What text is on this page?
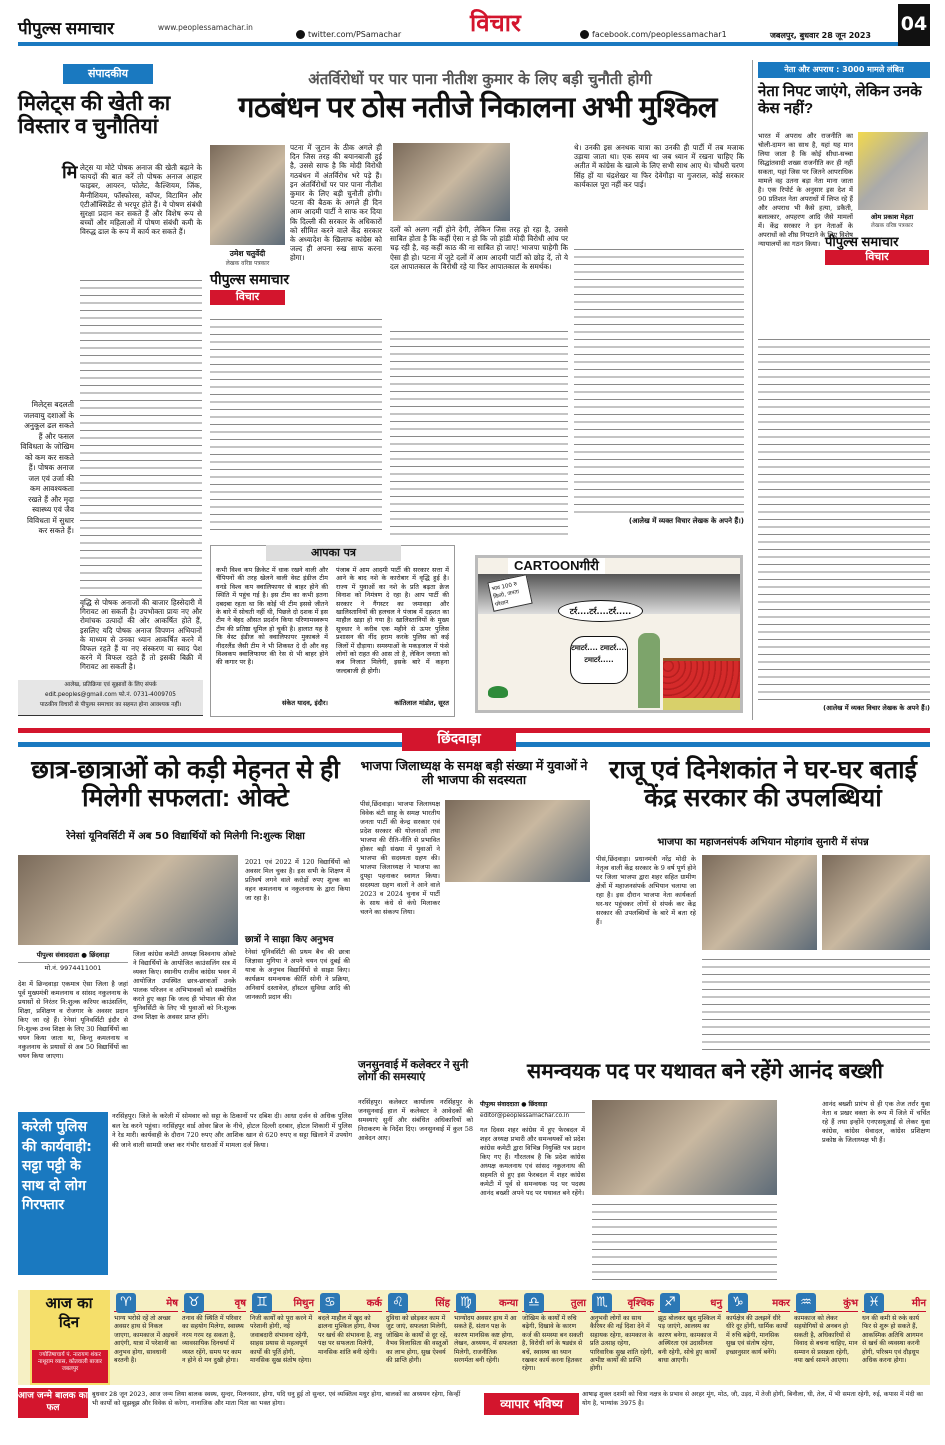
पीपुल्स समाचार	www.peoplessamachar.in
twitter.com/PSamachar	विचार	facebook.com/peoplessamachar1	जबलपुर, बुधवार 28 जून 2023
04
संपादकीय
मिलेट्स की खेती का विस्तार व चुनौतियां
मि लेट्स या मोटे पोषक अनाज की खेती बढ़ाने के फायदों की बात करें तो पोषक अनाज आहार फाइबर, आयरन, फोलेट, कैल्शियम, जिंक, मैग्नीशियम, फॉस्फोरस, कॉपर, विटामिन और एंटीऑक्सिडेंट से भरपूर होते हैं। ये पोषण संबंधी सुरक्षा प्रदान कर सकते हैं और विशेष रूप से बच्चों और महिलाओं में पोषण संबंधी कमी के विरुद्ध ढाल के रूप में कार्य कर सकते हैं।
मिलेट्स बदलती जलवायु दशाओं के अनुकूल ढल सकते हैं और फसल विविधता के जोखिम को कम कर सकते हैं। पोषक अनाज जल एवं उर्जा की कम आवश्यकता रखते हैं और मृदा स्वास्थ्य एवं जैव विविधता में सुधार कर सकते हैं।
वृद्धि से पोषक अनाजों की बाजार हिस्सेदारी में गिरावट आ सकती है। उपभोक्ता प्रायः नए और रोमांचक उत्पादों की ओर आकर्षित होते हैं, इसलिए यदि पोषक अनाज विपणन अभियानों के माध्यम से उनका ध्यान आकर्षित करने में विफल रहते हैं या नए संस्करण या स्वाद पेश करने में विफल रहते हैं तो इसकी बिक्री में गिरावट आ सकती है।
आलेख, प्रतिक्रिया एवं सुझावों के लिए संपर्क
edit.peoples@gmail.com फो.नं. 0731-4009705
पाठकीय विचारों से पीपुल्स समाचार का सहमत होना आवश्यक नहीं।
अंतर्विरोधों पर पार पाना नीतीश कुमार के लिए बड़ी चुनौती होगी
गठबंधन पर ठोस नतीजे निकालना अभी मुश्किल
उमेश चतुर्वेदी
लेखक वरिष्ठ पत्रकार
पीपुल्स समाचार
विचार
पटना में जुटान के ठीक अगले ही दिन जिस तरह की बयानबाजी हुई है, उससे साफ है कि मोदी विरोधी गठबंधन में अंतर्विरोध भरे पड़े हैं। इन अंतर्विरोधों पर पार पाना नीतीश कुमार के लिए बड़ी चुनौती होगी। पटना की बैठक के अगले ही दिन आम आदमी पार्टी ने साफ कर दिया कि दिल्ली की सरकार के अधिकारों को सीमित करने वाले केंद्र सरकार के अध्यादेश के खिलाफ कांग्रेस को जल्द ही अपना रुख साफ करना होगा।
दलों को अलग नहीं होने देगी, लेकिन जिस तरह हो रहा है, उससे साबित होता है कि कहीं ऐसा न हो कि जो हांडी मोदी विरोधी आंच पर चढ़ रही है, वह कहीं काठ की ना साबित हो जाए! भाजपा चाहेगी कि ऐसा ही हो। पटना में जुटे दलों में आम आदमी पार्टी को छोड़ दें, तो ये दल आपातकाल के विरोधी रहे या फिर आपातकाल के समर्थक।
थे। उनकी इस अनथक यात्रा का उनकी ही पार्टी में तब मजाक उड़ाया जाता था। एक समय था जब ध्यान में रखना चाहिए कि अतीत में कांग्रेस के खात्मे के लिए सभी साथ आए थे। चौधरी चरण सिंह हों या चंद्रशेखर या फिर देवेगौड़ा या गुजराल, कोई सरकार कार्यकाल पूरा नहीं कर पाई।
(आलेख में व्यक्त विचार लेखक के अपने हैं।)
आपका पत्र
कभी विश्व कप क्रिकेट में धाक रखने वाली और चैंपियनों की तरह खेलने वाली वेस्ट इंडीज टीम वनडे विश्व कप क्वालिफायर से बाहर होने की स्थिति में पहुंच गई है। इस टीम का कभी इतना दबदबा रहता था कि कोई भी टीम इससे जीतने के बारे में सोचती नहीं थी, पिछले दो दशक में इस टीम ने बेहद औसत प्रदर्शन किया परिणामस्वरूप टीम की प्रतिष्ठा धूमिल हो चुकी है। हालात यह है कि वेस्ट इंडीज को क्वालिफायर मुकाबले में नीदरलैंड जैसी टीम ने भी शिकस्त दे दी और वह विश्वकप क्वालिफायर की रेस से भी बाहर होने की कगार पर है।
संकेत यादव, इंदौर।
पंजाब में आम आदमी पार्टी की सरकार सत्ता में आने के बाद नशे के कारोबार में वृद्धि हुई है। राज्य में युवाओं का नशे के प्रति बढ़ता क्रेज विनाश को निमंत्रण दे रहा है। आप पार्टी की सरकार ने गैंगस्टर का जमावड़ा और खालिस्तानियों की हलचल ने पंजाब में दहशत का माहौल खड़ा हो गया है। खालिस्तानियों के मुख्य सूत्रधार ने करीब एक महीने से ऊपर पुलिस प्रशासन की नींद हराम करके पुलिस को कई जिलों में दौड़ाया। समस्याओं के मकड़जाल में फंसे लोगों को राहत की आस तो है, लेकिन जनता को कब निजात मिलेगी, इसके बारे में कहना जल्दबाजी ही होगी।
कांतिलाल मांडोत, सूरत
CARTOONगीरी
भाव 100 रु किलो, जनता परेशान
टर्र....टर्र....टर्र.....
टमाटर्र.... टमाटर्र.... टमाटर्र.....
नेता और अपराध : 3000 मामले लंबित
नेता निपट जाएंगे, लेकिन उनके केस नहीं?
ओम प्रकाश मेहता
लेखक वरिष्ठ पत्रकार
पीपुल्स समाचार
विचार
भारत में अपराध और राजनीति का चोली-दामन का साथ है, यहां यह मान लिया जाता है कि कोई सीधा-सच्चा सिद्धांतवादी शख्स राजनीति कर ही नहीं सकता, यहां जिस पर जितने आपराधिक मामले वह उतना बड़ा नेता माना जाता है। एक रिपोर्ट के अनुसार इस देश में 90 प्रतिशत नेता अपराधों में लिप्त रहे हैं और अपराध भी कैसे हत्या, डकैती, बलात्कार, अपहरण आदि जैसे मामलों में। केंद्र सरकार ने इन नेताओं के अपराधों को शीघ्र निपटाने के लिए विशेष न्यायालयों का गठन किया।
(आलेख में व्यक्त विचार लेखक के अपने हैं।)
छिंदवाड़ा
छात्र-छात्राओं को कड़ी मेहनत से ही मिलेगी सफलता: ओक्टे
रेनेसां यूनिवर्सिटी में अब 50 विद्यार्थियों को मिलेगी नि:शुल्क शिक्षा
पीपुल्स संवाददाता ● छिंदवाड़ा
मो.नं. 9974411001
देश में छिन्दवाड़ा एकमात्र ऐसा जिला है जहां पूर्व मुख्यमंत्री कमलनाथ व सांसद नकुलनाथ के प्रयासों से निरंतर नि:शुल्क करियर काउंसलिंग, शिक्षा, प्रशिक्षण व रोजगार के अवसर प्रदान किए जा रहे हैं। रेनेसां यूनिवर्सिटी इंदौर से नि:शुल्क उच्च शिक्षा के लिए 30 विद्यार्थियों का चयन किया जाता था, किन्तु कमलनाथ व नकुलनाथ के प्रयासों से अब 50 विद्यार्थियों का चयन किया जाएगा।
जिला कांग्रेस कमेटी अध्यक्ष विश्वनाथ ओक्टे ने विद्यार्थियों के आयोजित काउंसलिंग सत्र में व्यक्त किए। स्थानीय राजीव कांग्रेस भवन में आयोजित उपस्थित छात्र-छात्राओं उनके पालक परिजन व अभिभावकों को सम्बोधित करते हुए कहा कि जल्द ही भोपाल की सेज यूनिवर्सिटी के लिए भी युवाओं को नि:शुल्क उच्च शिक्षा के अवसर प्राप्त होंगे।
2021 एवं 2022 में 120 विद्यार्थियों को अवसर मिल चुका है। इस सभी के शिक्षण में प्रतिवर्ष लगने वाले करोड़ों रुपए शुल्क का वहन कमलनाथ व नकुलनाथ के द्वारा किया जा रहा है।
छात्रों ने साझा किए अनुभव
रेनेसां यूनिवर्सिटी की प्रथम बैच की छात्रा जिज्ञासा मुगिया ने अपने चयन एवं दुबई की यात्रा के अनुभव विद्यार्थियों से साझा किए। कार्यक्रम समन्वयक कीर्ति सोनी ने प्रक्रिया, अनिवार्य दस्तावेज, हॉस्टल सुविधा आदि की जानकारी प्रदान की।
भाजपा जिलाध्यक्ष के समक्ष बड़ी संख्या में युवाओं ने ली भाजपा की सदस्यता
पीसं,छिंदवाड़ा। भाजपा जिलाध्यक्ष विवेक बंटी साहू के समक्ष भारतीय जनता पार्टी की केन्द्र सरकार एवं प्रदेश सरकार की योजनाओं तथा भाजपा की रीति-नीति से प्रभावित होकर बड़ी संख्या में युवाओं ने भाजपा की सदस्यता ग्रहण की। भाजपा जिलाध्यक्ष ने भाजपा का दुपट्टा पहनाकर स्वागत किया। सदस्यता ग्रहण वालों ने आने वाले 2023 व 2024 चुनाव में पार्टी के साथ कंधे से कंधे मिलाकर चलने का संकल्प लिया।
राजू एवं दिनेशकांत ने घर-घर बताई केंद्र सरकार की उपलब्धियां
भाजपा का महाजनसंपर्क अभियान मोहगांव सुनारी में संपन्न
पीसं,छिंदवाड़ा। प्रधानमंत्री नरेंद्र मोदी के नेतृत्व वाली केंद्र सरकार के 9 वर्ष पूर्ण होने पर जिला भाजपा द्वारा शहर सहित ग्रामीण क्षेत्रों में महाजनसंपर्क अभियान चलाया जा रहा है। इस दौरान भाजपा नेता कार्यकर्ता घर-घर पहुंचकर लोगों से संपर्क कर केंद्र सरकार की उपलब्धियों के बारे में बता रहे हैं।
जनसुनवाई में कलेक्टर ने सुनी लोगों की समस्याएं
नरसिंहपुर। कलेक्टर कार्यालय नरसिंहपुर के जनसुनवाई हाल में कलेक्टर ने आवेदकों की समस्याएं सुनीं और संबंधित अधिकारियों को निराकरण के निर्देश दिए। जनसुनवाई में कुल 58 आवेदन आए।
समन्वयक पद पर यथावत बने रहेंगे आनंद बख्शी
पीपुल्स संवाददाता ● छिंदवाड़ा
editor@peoplessamachar.co.in
गत दिवस शहर कांग्रेस में हुए फेरबदल में शहर अध्यक्ष प्रभारी और समन्वयकों को प्रदेश कांग्रेस कमेटी द्वारा विभिन्न नियुक्ति पत्र प्रदान किए गए हैं। गौरतलब है कि प्रदेश कांग्रेस अध्यक्ष कमलनाथ एवं सांसद नकुलनाथ की सहमति से हुए इस फेरबदल में शहर कांग्रेस कमेटी में पूर्व से समन्वयक पद पर पदस्थ आनंद बख्शी अपने पद पर यथावत बने रहेंगे।
आनंद बख्शी प्रारंभ से ही एक तेज तर्रार युवा नेता व प्रखर वक्ता के रूप में जिले में चर्चित रहे हैं तथा इन्होंने एनएसयूआई से लेकर युवा कांग्रेस, कांग्रेस सेवादल, कांग्रेस प्रशिक्षण प्रकोष्ठ के जिलाध्यक्ष भी हैं।
करेली पुलिस की कार्यवाही: सट्टा पट्टी के साथ दो लोग गिरफ्तार
नरसिंहपुर। जिले के करेली में सोमवार को सट्टा के ठिकानों पर दबिश दी। आधा दर्जन से अधिक पुलिस बल रेड करने पहुंचा। नरसिंहपुर वार्ड ओवर ब्रिज के नीचे, होटल दिल्ली दरबार, होटल शिकारी में पुलिस ने रेड मारी। कार्यवाही के दौरान 720 रुपए और आशिक खान से 620 रुपए व सट्टा खिलाने में उपयोग की जाने वाली सामग्री जब्त कर गंभीर धाराओं में मामला दर्ज किया।
आज का दिन
ज्योतिषाचार्य पं. नारायण शंकर नाथूराम व्यास, कोतवाली बाजार जबलपुर
♈	मेष
भाग्य भरोसे रहें तो अच्छा अवसर हाथ से निकल जाएगा, कामकाज में अड़चनें आएंगी, यात्रा में परेशानी का अनुभव होगा, सावधानी बरतनी है।
♉	वृष
तनाव की स्थिति में परिवार का सहयोग मिलेगा, स्वास्थ्य नरम गरम रह सकता है, व्यावसायिक दिनचर्या में व्यस्त रहेंगे, समय पर काम न होने से मन दुखी होगा।
♊	मिथुन
निजी कार्यों को पूरा करने में परेशानी होगी, नई जवाबदारी संभावना रहेगी, साहस प्रयास से महत्वपूर्ण कार्यों की पूर्ति होगी, मानसिक सुख संतोष रहेगा।
♋	कर्क
बदले माहौल में खुद को ढालना मुश्किल होगा, वैभव पर खर्च की संभावना है, शत्रु पक्ष पर सफलता मिलेगी, मानसिक शांति बनी रहेगी।
♌	सिंह
दुविधा को छोड़कर काम में जुट जाएं, सफलता मिलेगी, जोखिम के कार्यों से दूर रहें, वैभव विलासिता की वस्तुओं का लाभ होगा, सुख ऐश्वर्य की प्राप्ति होगी।
♍	कन्या
भाग्योदय अवसर हाथ में आ सकते हैं, संतान पक्ष के कारण मानसिक कष्ट होगा, लेखन, अध्ययन, में सफलता मिलेगी, राजनीतिक सरगर्मता बनी रहेगी।
♎	तुला
जोखिम के कार्यों में रुचि बढ़ेगी, दिखावे के कारण कर्ज की समस्या बन सकती है, विरोधी वर्ग के षड्यंत्र से बचें, स्वास्थ्य का ध्यान रखकर कार्य करना हितकर रहेगा।
♏	वृश्चिक
अनुभवी लोगों का साथ कैरियर की नई दिशा देने में सहायक रहेगा, कामकाज के प्रति उत्साह रहेगा, पारिवारिक सुख शांति रहेगी, अभीष्ट कार्यों की प्राप्ति होगी।
♐	धनु
झूठ बोलकर खुद मुश्किल में पड़ जाएंगे, आलस्य का कारण बनेगा, कामकाज में अस्थिरता एवं उदासीनता बनी रहेगी, सोचे हुए कार्यों बाधा आएगी।
♑	मकर
कार्यक्षेत्र की उलझनें धीरे धीरे दूर होंगी, धार्मिक कार्यों में रुचि बढ़ेगी, मानसिक सुख एवं संतोष रहेगा, इच्छानुसार कार्य बनेंगे।
♒	कुंभ
कामकाज को लेकर सहयोगियों से अनबन हो सकती है, अधिकारियों से विवाद से बचना चाहिए, मान सम्मान से प्रसन्नता रहेगी, नया खर्च सामने आएगा।
♓	मीन
धन की कमी से रुके कार्य फिर से शुरू हो सकते हैं, आकस्मिक अतिथि आगमन से खर्च की व्यवस्था करनी होगी, परिश्रम एवं दौड़धूप अधिक करना होगा।
आज जन्मे बालक का फल
बुधवार 28 जून 2023, आज जन्म लिया बालक स्वस्थ, सुन्दर, मिलनसार, होगा, यदि धनु हुई तो सुन्दर, एवं व्यक्तित्व मधुर होगा, बालकों का अध्ययन रहेगा, किन्हीं भी कार्यों को सूझबूझ और विवेक से करेगा, नानाजिक और माता पिता का भक्त होगा।	व्यापार भविष्य
आषाढ़ शुक्ल दशमी को चित्रा नक्षत्र के प्रभाव से अरहर मूंग, मोठ, जौ, उड़द, में तेजी होगी, बिनौला, घी, तेल, में भी समता रहेगी, रुई, कपास में मंदी का योग है, भाग्यांक 3975 है।
